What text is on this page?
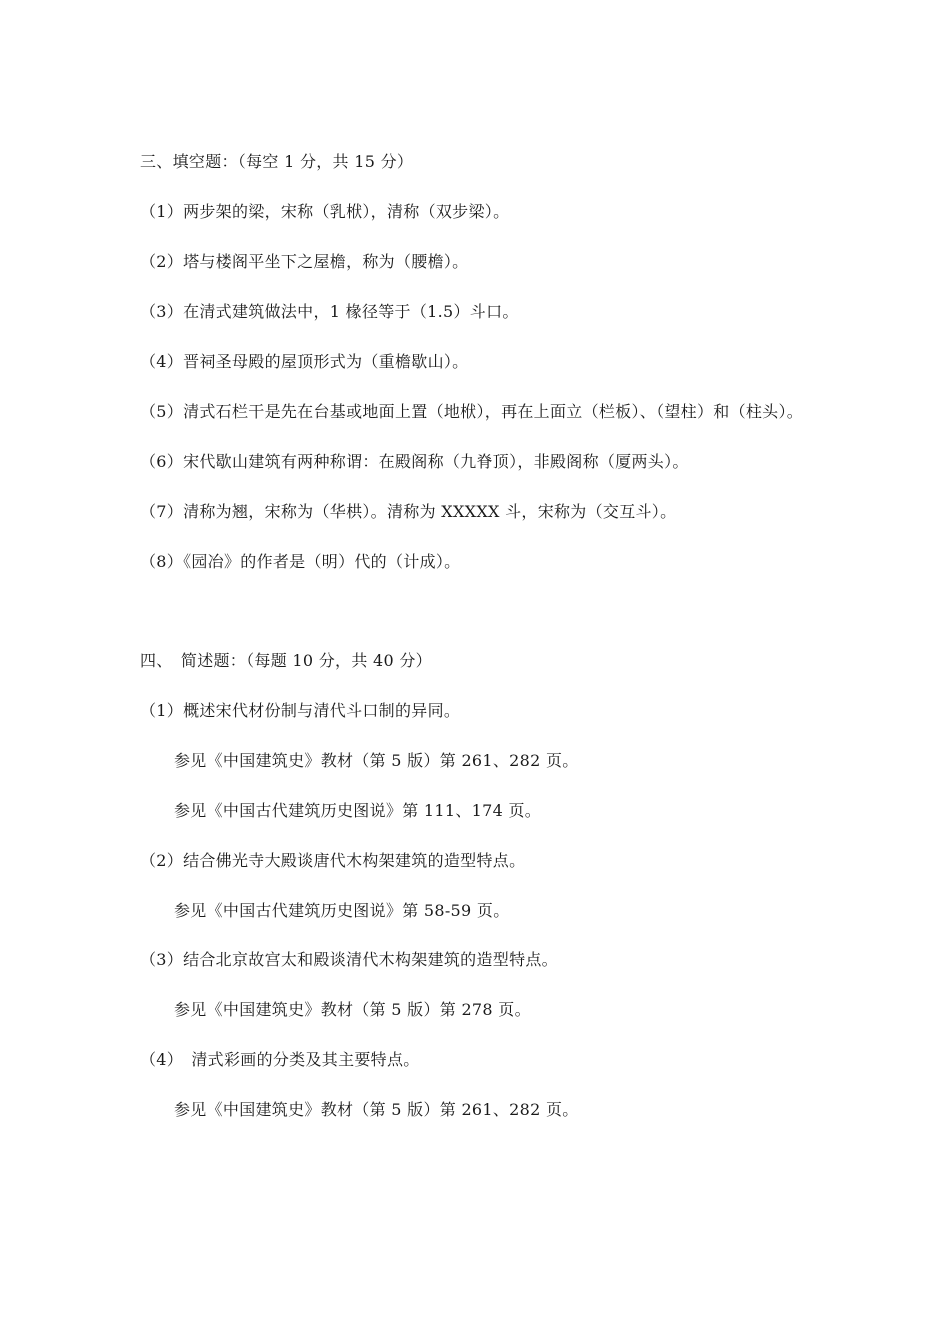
三、填空题：（每空 1 分，共 15 分）
（1）两步架的梁，宋称（乳栿），清称（双步梁）。
（2）塔与楼阁平坐下之屋檐，称为（腰檐）。
（3）在清式建筑做法中，1 椽径等于（1.5）斗口。
（4）晋祠圣母殿的屋顶形式为（重檐歇山）。
（5）清式石栏干是先在台基或地面上置（地栿），再在上面立（栏板）、（望柱）和（柱头）。
（6）宋代歇山建筑有两种称谓：在殿阁称（九脊顶），非殿阁称（厦两头）。
（7）清称为翘，宋称为（华栱）。清称为 XXXXX 斗，宋称为（交互斗）。
（8）《园冶》的作者是（明）代的（计成）。
四、　简述题：（每题 10 分，共 40 分）
（1）概述宋代材份制与清代斗口制的异同。
参见《中国建筑史》教材（第 5 版）第 261、282 页。
参见《中国古代建筑历史图说》第 111、174 页。
（2）结合佛光寺大殿谈唐代木构架建筑的造型特点。
参见《中国古代建筑历史图说》第 58-59 页。
（3）结合北京故宫太和殿谈清代木构架建筑的造型特点。
参见《中国建筑史》教材（第 5 版）第 278 页。
（4）　清式彩画的分类及其主要特点。
参见《中国建筑史》教材（第 5 版）第 261、282 页。
